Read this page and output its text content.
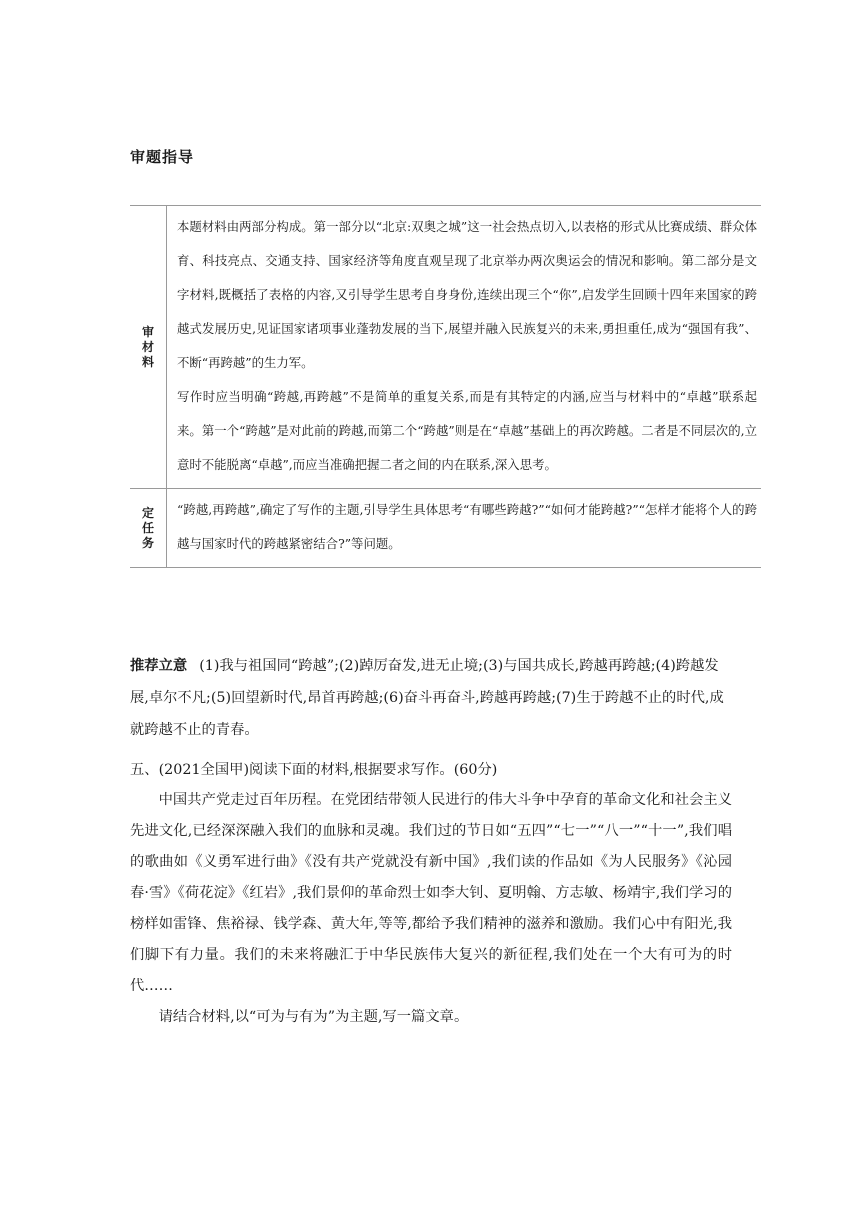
审题指导
审材料	本题材料由两部分构成。第一部分以“北京:双奥之城”这一社会热点切入,以表格的形式从比赛成绩、群众体育、科技亮点、交通支持、国家经济等角度直观呈现了北京举办两次奥运会的情况和影响。第二部分是文字材料,既概括了表格的内容,又引导学生思考自身身份,连续出现三个“你”,启发学生回顾十四年来国家的跨越式发展历史,见证国家诸项事业蓬勃发展的当下,展望并融入民族复兴的未来,勇担重任,成为“强国有我”、不断“再跨越”的生力军。

写作时应当明确“跨越,再跨越”不是简单的重复关系,而是有其特定的内涵,应当与材料中的“卓越”联系起来。第一个“跨越”是对此前的跨越,而第二个“跨越”则是在“卓越”基础上的再次跨越。二者是不同层次的,立意时不能脱离“卓越”,而应当准确把握二者之间的内在联系,深入思考。

定任务	“跨越,再跨越”,确定了写作的主题,引导学生具体思考“有哪些跨越?”“如何才能跨越?”“怎样才能将个人的跨越与国家时代的跨越紧密结合?”等问题。

推荐立意 (1)我与祖国同“跨越”;(2)踔厉奋发,进无止境;(3)与国共成长,跨越再跨越;(4)跨越发展,卓尔不凡;(5)回望新时代,昂首再跨越;(6)奋斗再奋斗,跨越再跨越;(7)生于跨越不止的时代,成就跨越不止的青春。
五、(2021全国甲)阅读下面的材料,根据要求写作。(60分)

中国共产党走过百年历程。在党团结带领人民进行的伟大斗争中孕育的革命文化和社会主义先进文化,已经深深融入我们的血脉和灵魂。我们过的节日如“五四”“七一”“八一”“十一”,我们唱的歌曲如《义勇军进行曲》《没有共产党就没有新中国》,我们读的作品如《为人民服务》《沁园春·雪》《荷花淀》《红岩》,我们景仰的革命烈士如李大钊、夏明翰、方志敏、杨靖宇,我们学习的榜样如雷锋、焦裕禄、钱学森、黄大年,等等,都给予我们精神的滋养和激励。我们心中有阳光,我们脚下有力量。我们的未来将融汇于中华民族伟大复兴的新征程,我们处在一个大有可为的时代……

请结合材料,以“可为与有为”为主题,写一篇文章。
